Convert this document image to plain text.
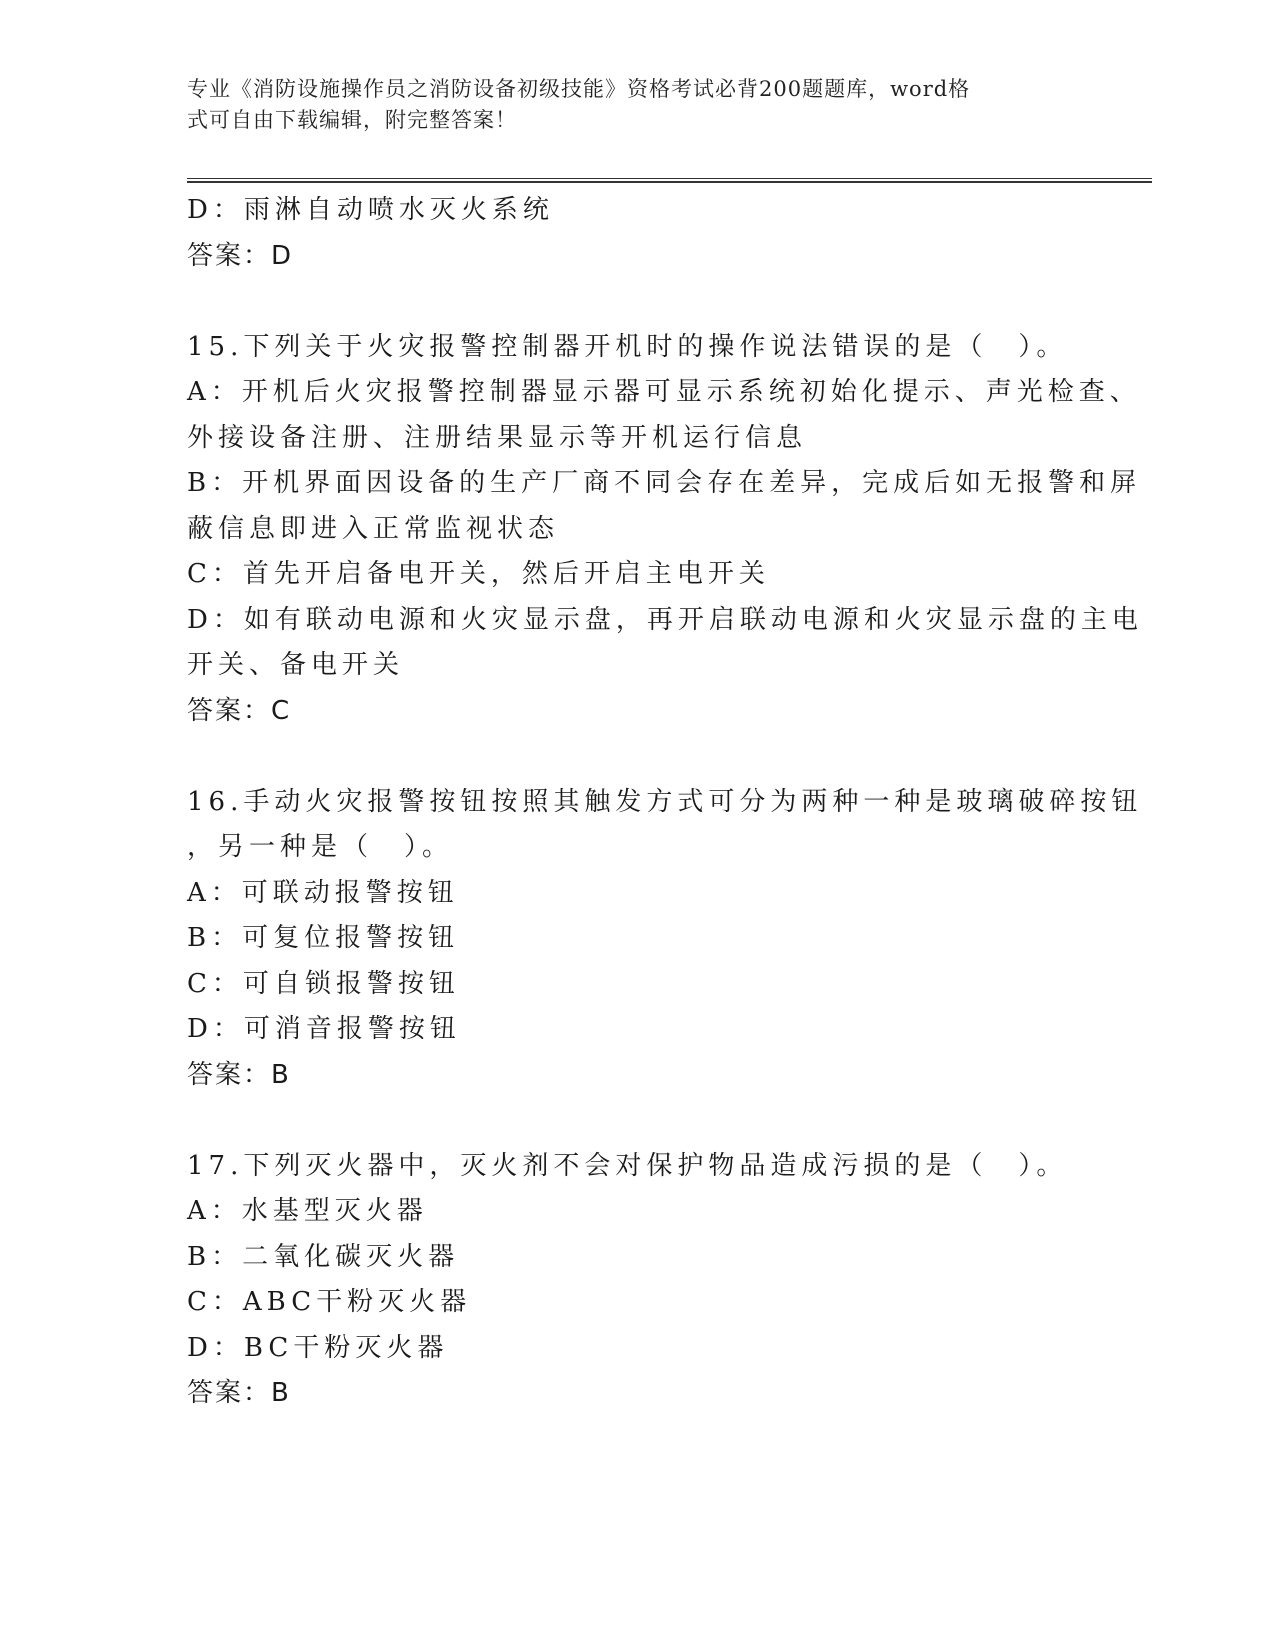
专业《消防设施操作员之消防设备初级技能》资格考试必背200题题库，word格
式可自由下载编辑，附完整答案！
D：雨淋自动喷水灭火系统
答案：D
15.下列关于火灾报警控制器开机时的操作说法错误的是（　）。
A：开机后火灾报警控制器显示器可显示系统初始化提示、声光检查、
外接设备注册、注册结果显示等开机运行信息
B：开机界面因设备的生产厂商不同会存在差异，完成后如无报警和屏
蔽信息即进入正常监视状态
C：首先开启备电开关，然后开启主电开关
D：如有联动电源和火灾显示盘，再开启联动电源和火灾显示盘的主电
开关、备电开关
答案：C
16.手动火灾报警按钮按照其触发方式可分为两种一种是玻璃破碎按钮
，另一种是（　）。
A：可联动报警按钮
B：可复位报警按钮
C：可自锁报警按钮
D：可消音报警按钮
答案：B
17.下列灭火器中，灭火剂不会对保护物品造成污损的是（　）。
A：水基型灭火器
B：二氧化碳灭火器
C：ABC干粉灭火器
D：BC干粉灭火器
答案：B
